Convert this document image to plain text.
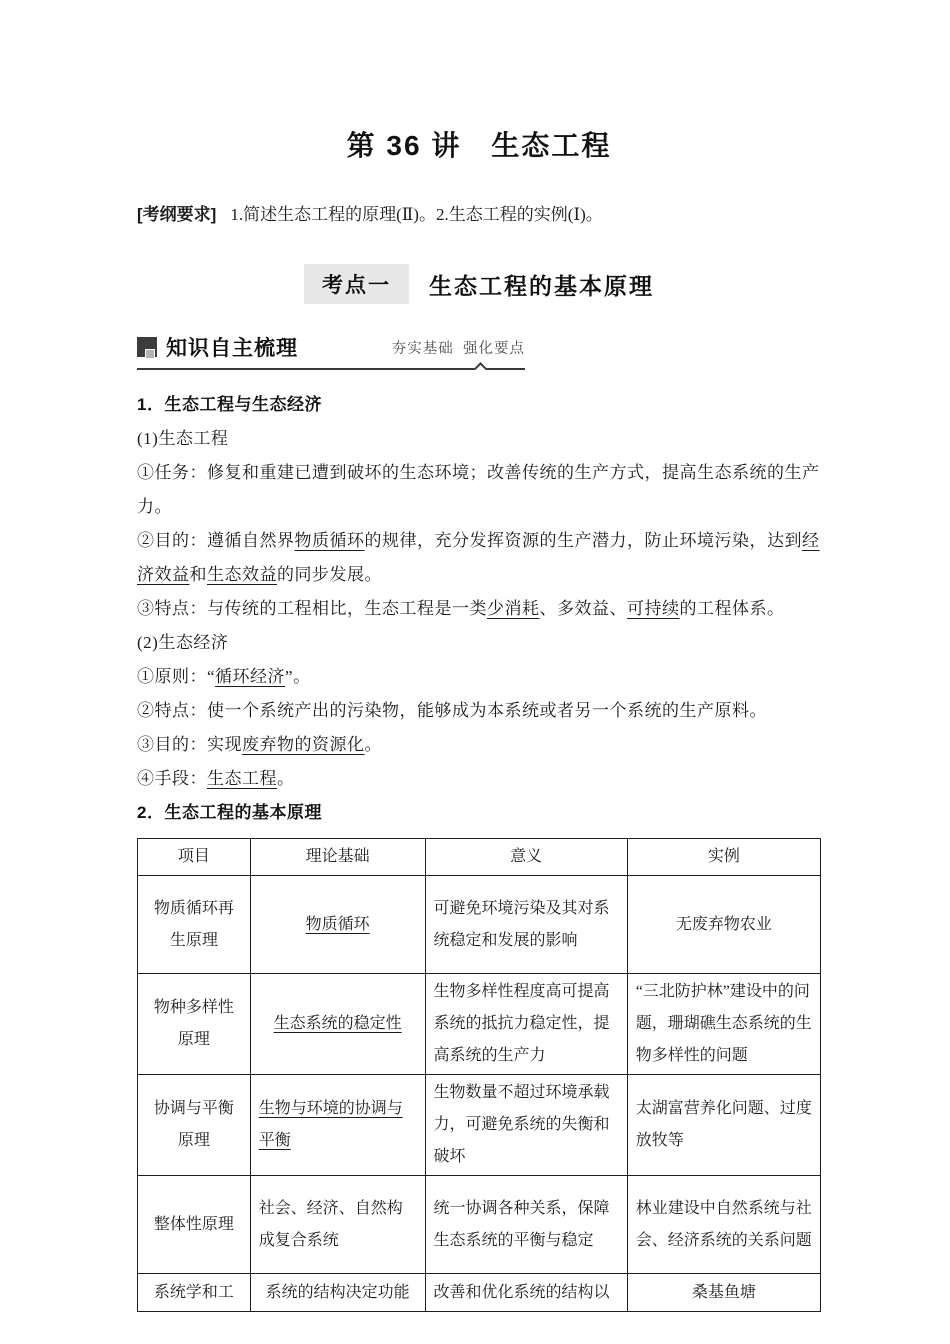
第 36 讲　生态工程
[考纲要求] 1.简述生态工程的原理(Ⅱ)。2.生态工程的实例(Ⅰ)。
考点一	生态工程的基本原理
知识自主梳理	夯实基础  强化要点
1．生态工程与生态经济
(1)生态工程
①任务：修复和重建已遭到破坏的生态环境；改善传统的生产方式，提高生态系统的生产力。
②目的：遵循自然界物质循环的规律，充分发挥资源的生产潜力，防止环境污染，达到经济效益和生态效益的同步发展。
③特点：与传统的工程相比，生态工程是一类少消耗、多效益、可持续的工程体系。
(2)生态经济
①原则：“循环经济”。
②特点：使一个系统产出的污染物，能够成为本系统或者另一个系统的生产原料。
③目的：实现废弃物的资源化。
④手段：生态工程。
2．生态工程的基本原理
项目	理论基础	意义	实例
物质循环再生原理	物质循环	可避免环境污染及其对系统稳定和发展的影响	无废弃物农业
物种多样性原理	生态系统的稳定性	生物多样性程度高可提高系统的抵抗力稳定性，提高系统的生产力	“三北防护林”建设中的问题，珊瑚礁生态系统的生物多样性的问题
协调与平衡原理	生物与环境的协调与平衡	生物数量不超过环境承载力，可避免系统的失衡和破坏	太湖富营养化问题、过度放牧等
整体性原理	社会、经济、自然构成复合系统	统一协调各种关系，保障生态系统的平衡与稳定	林业建设中自然系统与社会、经济系统的关系问题
系统学和工	系统的结构决定功能	改善和优化系统的结构以	桑基鱼塘
